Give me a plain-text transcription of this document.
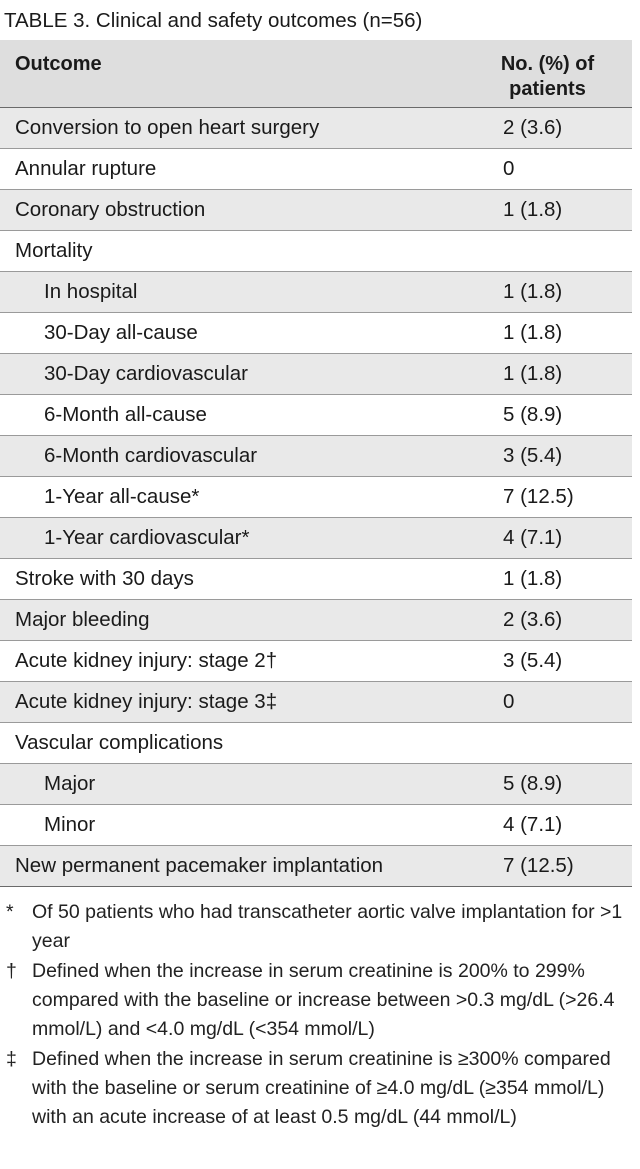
TABLE 3. Clinical and safety outcomes (n=56)
Outcome	No. (%) of
patients
Conversion to open heart surgery	2 (3.6)
Annular rupture	0
Coronary obstruction	1 (1.8)
Mortality
In hospital	1 (1.8)
30-Day all-cause	1 (1.8)
30-Day cardiovascular	1 (1.8)
6-Month all-cause	5 (8.9)
6-Month cardiovascular	3 (5.4)
1-Year all-cause*	7 (12.5)
1-Year cardiovascular*	4 (7.1)
Stroke with 30 days	1 (1.8)
Major bleeding	2 (3.6)
Acute kidney injury: stage 2†	3 (5.4)
Acute kidney injury: stage 3‡	0
Vascular complications
Major	5 (8.9)
Minor	4 (7.1)
New permanent pacemaker implantation	7 (12.5)
* Of 50 patients who had transcatheter aortic valve implantation for >1 year
† Defined when the increase in serum creatinine is 200% to 299% compared with the baseline or increase between >0.3 mg/dL (>26.4 mmol/L) and <4.0 mg/dL (<354 mmol/L)
‡ Defined when the increase in serum creatinine is ≥300% compared with the baseline or serum creatinine of ≥4.0 mg/dL (≥354 mmol/L) with an acute increase of at least 0.5 mg/dL (44 mmol/L)
